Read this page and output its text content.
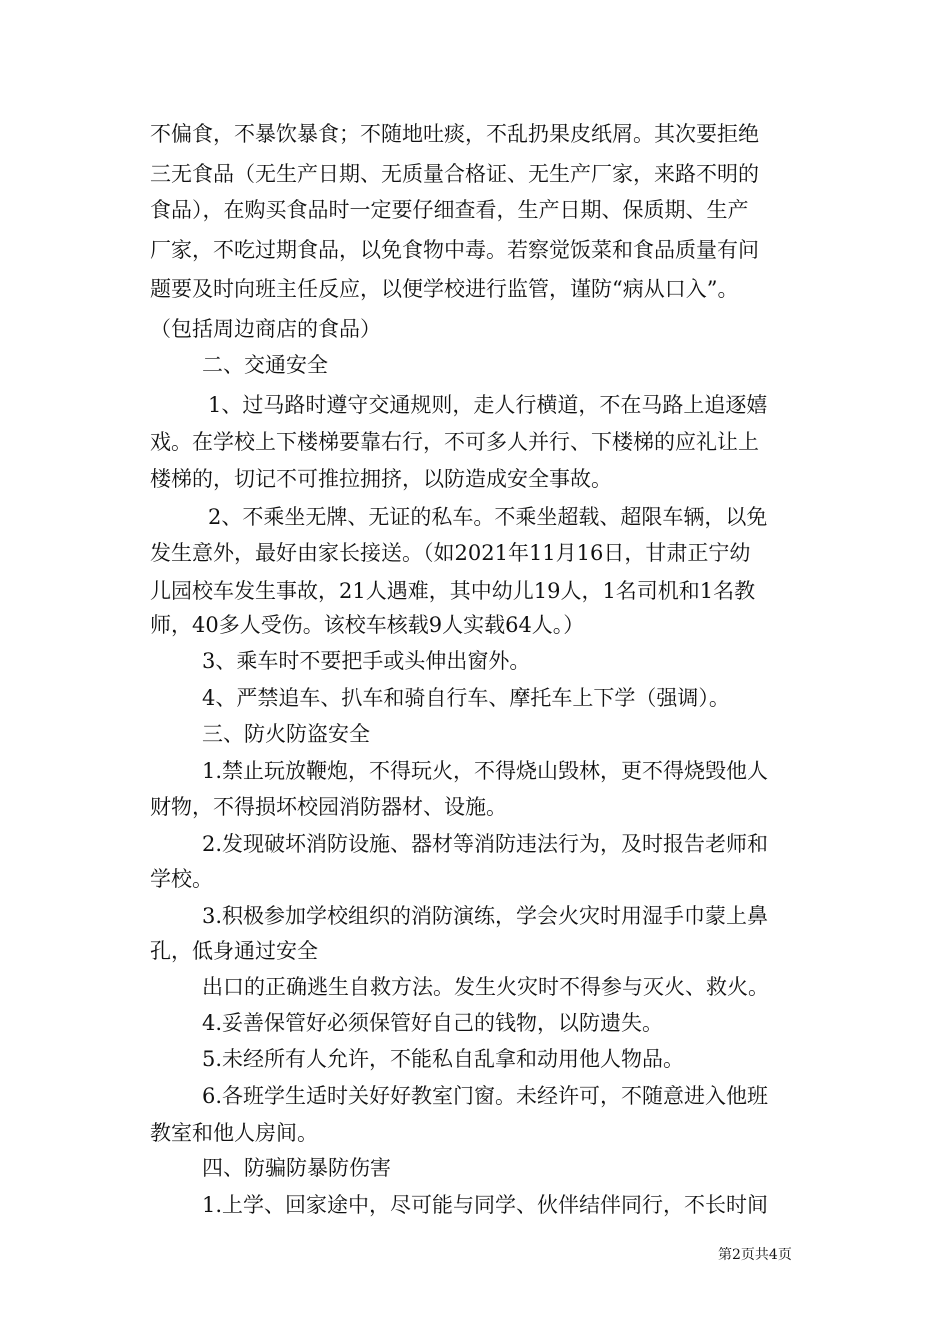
不偏食，不暴饮暴食；不随地吐痰，不乱扔果皮纸屑。其次要拒绝
三无食品（无生产日期、无质量合格证、无生产厂家，来路不明的
食品），在购买食品时一定要仔细查看，生产日期、保质期、生产
厂家，不吃过期食品，以免食物中毒。若察觉饭菜和食品质量有问
题要及时向班主任反应，以便学校进行监管，谨防“病从口入”。
（包括周边商店的食品）
二、交通安全
1、过马路时遵守交通规则，走人行横道，不在马路上追逐嬉
戏。在学校上下楼梯要靠右行，不可多人并行、下楼梯的应礼让上
楼梯的，切记不可推拉拥挤，以防造成安全事故。
2、不乘坐无牌、无证的私车。不乘坐超载、超限车辆，以免
发生意外，最好由家长接送。（如2021年11月16日，甘肃正宁幼
儿园校车发生事故，21人遇难，其中幼儿19人，1名司机和1名教
师，40多人受伤。该校车核载9人实载64人。）
3、乘车时不要把手或头伸出窗外。
4、严禁追车、扒车和骑自行车、摩托车上下学（强调）。
三、防火防盗安全
1.禁止玩放鞭炮，不得玩火，不得烧山毁林，更不得烧毁他人
财物，不得损坏校园消防器材、设施。
2.发现破坏消防设施、器材等消防违法行为，及时报告老师和
学校。
3.积极参加学校组织的消防演练，学会火灾时用湿手巾蒙上鼻
孔，低身通过安全
出口的正确逃生自救方法。发生火灾时不得参与灭火、救火。
4.妥善保管好必须保管好自己的钱物，以防遗失。
5.未经所有人允许，不能私自乱拿和动用他人物品。
6.各班学生适时关好好教室门窗。未经许可，不随意进入他班
教室和他人房间。
四、防骗防暴防伤害
1.上学、回家途中，尽可能与同学、伙伴结伴同行，不长时间
第2页共4页
